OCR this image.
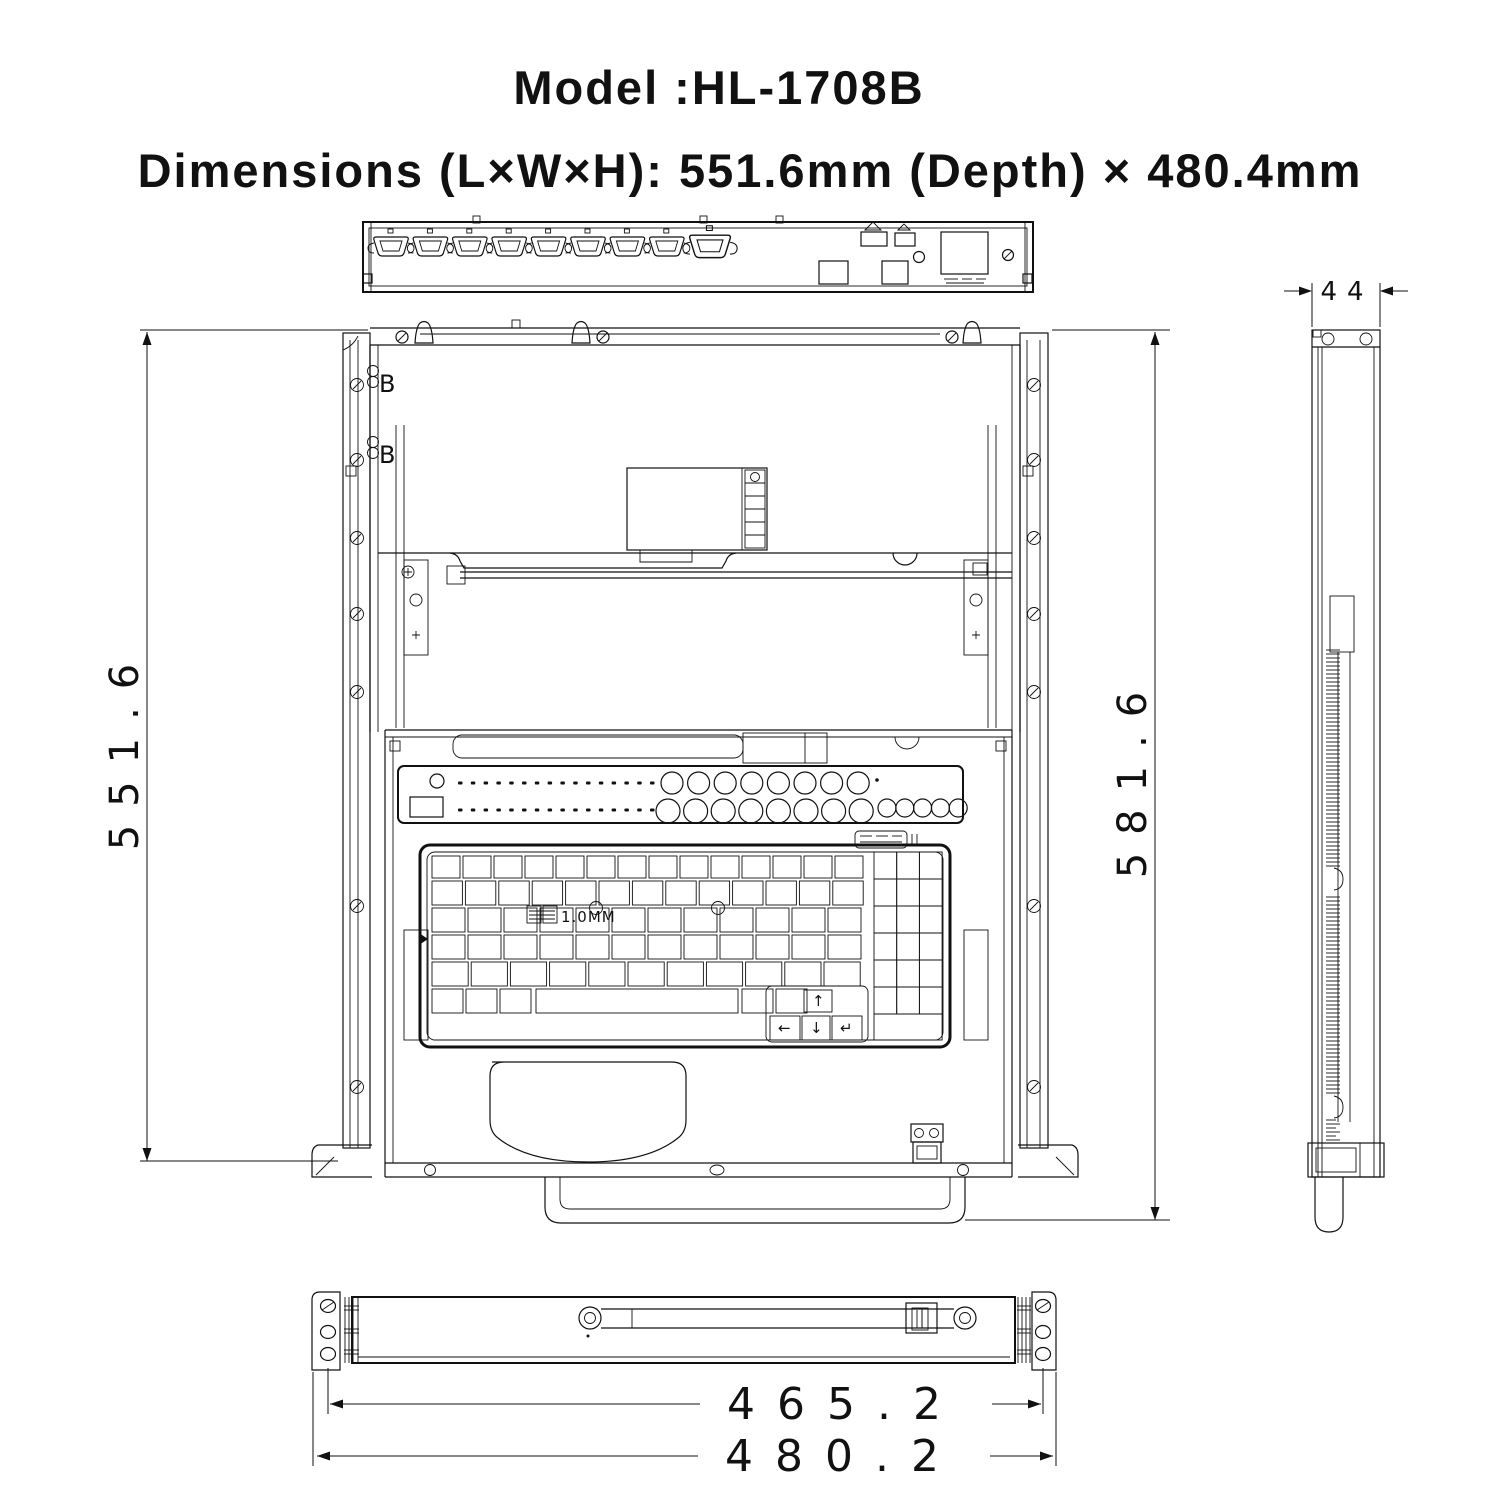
Model :HL-1708B
Dimensions (L×W×H): 551.6mm (Depth) × 480.4mm
B
B
1.0MM
↑
← ↓ ↵
551.6	581.6
44
465.2
480.2
